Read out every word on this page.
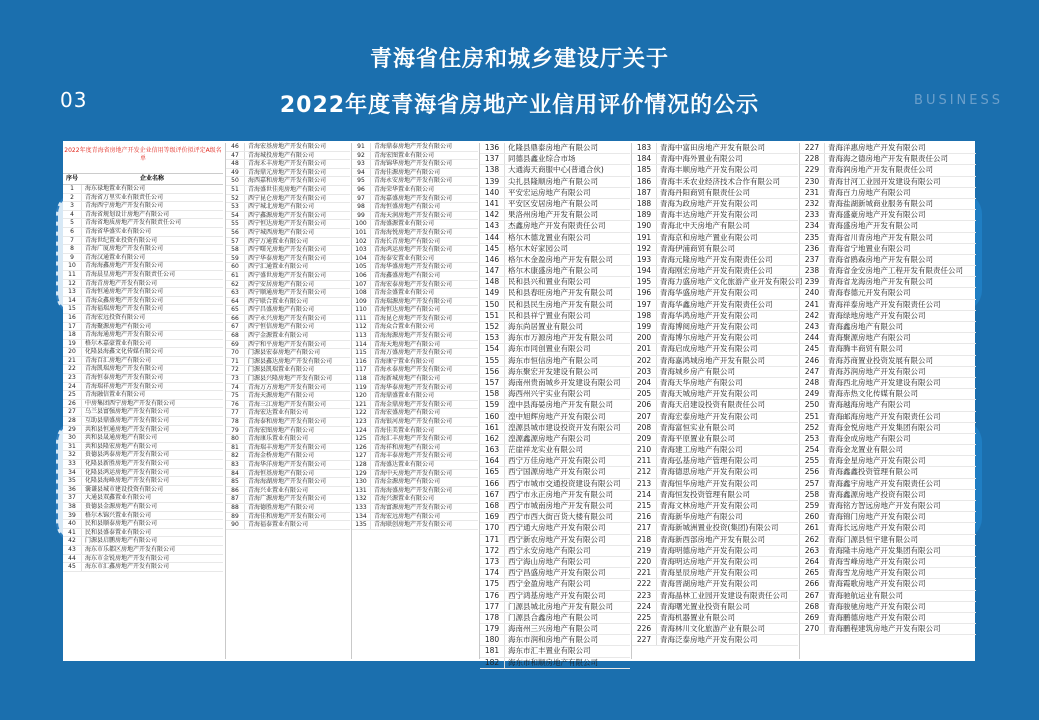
青海省住房和城乡建设厅关于
2022年度青海省房地产业信用评价情况的公示
03	BUSINESS
2022年度青海省房地产开发企业信用等级评价拟评定A级名单
序号	企业名称
1	海东禄地置业有限公司
2	青海省万里实业有限责任公司
3	青海西宁房地产开发有限公司
4	青海省规划设计房地产有限公司
5	青海省地质房地产开发有限责任公司
6	青海省华盛实业有限公司
7	青海世纪置业投资有限公司
8	青海广厦房地产开发有限公司
9	青海汉通置业有限公司
10	青海海鑫房地产开发有限公司
11	青海晨星房地产开发有限责任公司
12	青海青房地产开发有限公司
13	青海恒通房地产开发有限公司
14	青海众鑫房地产开发有限公司
15	青海福瑞房地产开发有限公司
16	青海宏远投资有限公司
17	青海聚源房地产有限公司
18	青海海通房地产开发有限公司
19	格尔木嘉豪置业有限公司
20	化隆县海鑫文化传媒有限公司
21	青海百汇房地产有限公司
22	青海凯瑞房地产开发有限公司
23	青海恒泰房地产开发有限公司
24	青海瑞祥房地产开发有限公司
25	青海融信置业有限公司
26	中房集团西宁房地产开发有限公司
27	乌兰县富强房地产开发有限公司
28	互助县鼎盛房地产开发有限公司
29	共和县恒通房地产开发有限公司
30	共和县晟通房地产有限公司
31	共和县隆宏房地产有限公司
32	贵德县鸿泰房地产开发有限公司
33	化隆县新胜房地产开发有限公司
34	化隆县鸿运房地产开发有限公司
35	化隆县海峰房地产开发有限公司
36	囊谦县城市建设投资有限公司
37	大通县双鑫置业有限公司
38	贵德县金源房地产有限公司
39	格尔木锦兴置业有限公司
40	民和县顺泰房地产有限公司
41	民和县盛泰置业有限公司
42	门源县启鹏房地产有限公司
43	海东市乐都区房地产开发有限公司
44	海东市金锐房地产开发有限公司
45	海东市汇鑫房地产开发有限公司
46	青海宏基房地产开发有限公司
47	青海城投房地产有限公司
48	青海禾丰房地产开发有限公司
49	青海鼎元房地产开发有限公司
50	海西嘉和房地产开发有限公司
51	青海盛世佳苑房地产有限公司
52	西宁昆仑房地产开发有限公司
53	西宁城北房地产有限公司
54	西宁鑫源房地产开发有限公司
55	西宁恒达房地产开发有限公司
56	西宁城西房地产有限公司
57	西宁万通置业有限公司
58	西宁曙光房地产开发有限公司
59	西宁华泰房地产开发有限公司
60	西宁汇通置业有限公司
61	西宁盛世房地产开发有限公司
62	西宁安居房地产有限公司
63	西宁顺通房地产开发有限公司
64	西宁联合置业有限公司
65	西宁昌盛房地产有限公司
66	西宁永兴房地产开发有限公司
67	西宁恒信房地产有限公司
68	西宁金源置业有限公司
69	西宁和平房地产开发有限公司
70	门源县宏泰房地产有限公司
71	门源县鑫达房地产开发有限公司
72	门源县凯瑞置业有限公司
73	门源县兴隆房地产开发有限公司
74	青海万方房地产开发有限公司
75	青海天源房地产有限公司
76	青海三江房地产开发有限公司
77	青海宏达置业有限公司
78	青海泰和房地产开发有限公司
79	青海宏图房地产有限公司
80	青海康乐置业有限公司
81	青海瑞丰房地产开发有限公司
82	青海金桥房地产有限公司
83	青海华洋房地产开发有限公司
84	青海恒基房地产有限公司
85	青海海湖房地产开发有限公司
86	青海兴业置业有限公司
87	青海广源房地产开发有限公司
88	青海德胜房地产有限公司
89	青海佳和房地产开发有限公司
90	青海福泰置业有限公司
91	青海鼎泰房地产开发有限公司
92	青海宏图置业有限公司
93	青海锦华房地产开发有限公司
94	青海佳源房地产有限公司
95	青海永安房地产开发有限公司
96	青海荣华置业有限公司
97	青海嘉盛房地产开发有限公司
98	青海恒盛房地产有限公司
99	青海天润房地产开发有限公司
100	青海盛源置业有限公司
101	青海海悦房地产开发有限公司
102	青海长青房地产有限公司
103	青海鸿运房地产开发有限公司
104	青海泰安置业有限公司
105	青海华盛房地产开发有限公司
106	青海鑫盛房地产有限公司
107	青海宏泰房地产开发有限公司
108	青海金盛置业有限公司
109	青海瑞源房地产开发有限公司
110	青海恒达房地产有限公司
111	青海昆仑房地产开发有限公司
112	青海众合置业有限公司
113	青海海源房地产开发有限公司
114	青海天地房地产有限公司
115	青海万盛房地产开发有限公司
116	青海康宁置业有限公司
117	青海永泰房地产开发有限公司
118	青海新城房地产有限公司
119	青海华泰房地产开发有限公司
120	青海鼎盛置业有限公司
121	青海金鼎房地产开发有限公司
122	青海宏盛房地产有限公司
123	青海银河房地产开发有限公司
124	青海佳美置业有限公司
125	青海汇丰房地产开发有限公司
126	青海祥和房地产有限公司
127	青海丰泰房地产开发有限公司
128	青海盛达置业有限公司
129	青海中天房地产开发有限公司
130	青海金源房地产有限公司
131	青海海盛房地产开发有限公司
132	青海兴源置业有限公司
133	青海富源房地产开发有限公司
134	青海宏远房地产有限公司
135	青海联创房地产开发有限公司
136	化隆县鼎泰房地产有限公司
137	同德县鑫业综合市场
138	大通海天商服中心(普通合伙)
139	尖扎县隆顺房地产有限公司
140	平安宏运房地产有限公司
141	平安区安居房地产有限公司
142	果洛州房地产开发有限公司
143	杰鑫房地产开发有限责任公司
144	格尔木德龙置业有限公司
145	格尔木好家园公司
146	格尔木金盈房地产开发有限公司
147	格尔木康盛房地产有限公司
148	民和县兴和置业有限公司
149	民和县春旺房地产开发有限公司
150	民和县民生房地产开发有限公司
151	民和县祥宁置业有限公司
152	海东尚居置业有限公司
153	海东市万源房地产开发有限公司
154	海东市同创置业有限公司
155	海东市恒信房地产有限公司
156	海东聚宏开发建设有限公司
157	海南州贵南城乡开发建设有限公司
158	海西州兴宇实业有限公司
159	湟中县海晏房地产开发有限公司
160	湟中旭辉房地产开发有限公司
161	湟源县城市建设投资开发有限公司
162	湟源鑫源房地产有限公司
163	茫崖祥龙实业有限公司
164	西宁万佳房地产开发有限公司
165	西宁国源房地产开发有限公司
166	西宁市城市交通投资建设有限公司
167	西宁市永正房地产开发有限公司
168	西宁市城南房地产开发有限公司
169	西宁市西大街百货大楼有限公司
170	西宁通大房地产开发有限公司
171	西宁新农房地产开发有限公司
172	西宁永安房地产有限公司
173	西宁海山房地产有限公司
174	西宁昌盛房地产开发有限公司
175	西宁金盈房地产有限公司
176	西宁鸿基房地产开发有限公司
177	门源县城北房地产开发有限公司
178	门源县合鑫房地产有限公司
179	海南州三兴房地产有限公司
180	海东市润和房地产有限公司
181	海东市汇丰置业有限公司
182	海东市和顺房地产有限公司
183	青海中富田房地产开发有限公司
184	青海中海外置业有限公司
185	青海丰顺房地产开发有限公司
186	青海丰禾农业经济技术合作有限公司
187	青海丹阳商贸有限责任公司
188	青海为政房地产开发有限公司
189	青海丰达房地产开发有限公司
190	青海北中天房地产有限公司
191	青海京和房地产置业有限公司
192	青海伊浦商贸有限公司
193	青海元隆房地产开发有限责任公司
194	青海刚宏房地产开发有限责任公司
195	青海力盛房地产文化旅游产业开发有限公司
196	青海华盛房地产开发有限公司
197	青海华鑫房地产开发有限责任公司
198	青海华鸿房地产开发有限公司
199	青海博阅房地产开发有限公司
200	青海博尔房地产开发有限公司
201	青海启成房地产开发有限公司
202	青海嘉鸿城房地产开发有限公司
203	青海城乡房产有限公司
204	青海天华房地产有限公司
205	青海天城房地产开发有限公司
206	青海天启建设投资有限责任公司
207	青海宏泰房地产开发有限公司
208	青海富恒实业有限公司
209	青海平原置业有限公司
210	青海建工房地产有限公司
211	青海弘基房地产管理有限公司
212	青海德思房地产开发有限公司
213	青海恒华房地产开发有限公司
214	青海恒发投资管理有限公司
215	青海文林房地产开发有限公司
216	青海新华房地产有限公司
217	青海新城洲置业投资(集团)有限公司
218	青海新西部房地产开发有限公司
219	青海明德房地产开发有限公司
220	青海明达房地产开发有限公司
221	青海星辰房地产开发有限公司
222	青海晋湖房地产开发有限公司
223	青海晶林工业园开发建设有限责任公司
224	青海曙光置业投资有限公司
225	青海机器置业有限公司
226	青海林川文化旅游产业有限公司
227	青海泛泰房地产开发有限公司
227	青海洋惠房地产开发有限公司
228	青海海之德房地产开发有限责任公司
229	青海润房地产开发有限责任公司
230	青海甘河工业园开发建设有限公司
231	青海百力房地产有限公司
232	青海盐湖新城商业服务有限公司
233	青海盛豪房地产开发有限公司
234	青海盛房地产开发有限公司
235	青海省川青房地产开发有限公司
236	青海省宁地置业有限公司
237	青海省鸥森房地产开发有限公司
238	青海省金安房地产工程开发有限责任公司
239	青海省龙海房地产开发有限公司
240	青海春德元开发有限公司
241	青海祥泰房地产开发有限责任公司
242	青海绿地房地产开发有限公司
243	青海鑫房地产有限公司
244	青海聚源房地产有限公司
245	青海腾丰商贸有限公司
246	青海苏商置业投资发展有限公司
247	青海苏润房地产开发有限公司
248	青海西北房地产开发建设有限公司
249	青海赤热文化传媒有限公司
250	青海越海房地产有限公司
251	青海邮海房地产开发有限责任公司
252	青海金悦房地产开发集团有限公司
253	青海金成房地产有限公司
254	青海金龙置业有限公司
255	青海金星房地产开发有限公司
256	青海鑫鑫投资管理有限公司
257	青海鑫宇房地产开发有限责任公司
258	青海鑫源房地产投资有限公司
259	青海铭方智远房地产开发有限公司
260	青海锦门房地产开发有限公司
261	青海长远房地产开发有限公司
262	青海门源县恒宇建有限公司
263	青海隆丰房地产开发集团有限公司
264	青海雪峰房地产开发有限公司
265	青海雪龙房地产开发有限公司
266	青海霞歌房地产开发有限公司
267	青海驰航运业有限公司
268	青海骏驰房地产开发有限公司
269	青海鹏德房地产开发有限公司
270	青海鹏程建筑房地产开发有限公司
